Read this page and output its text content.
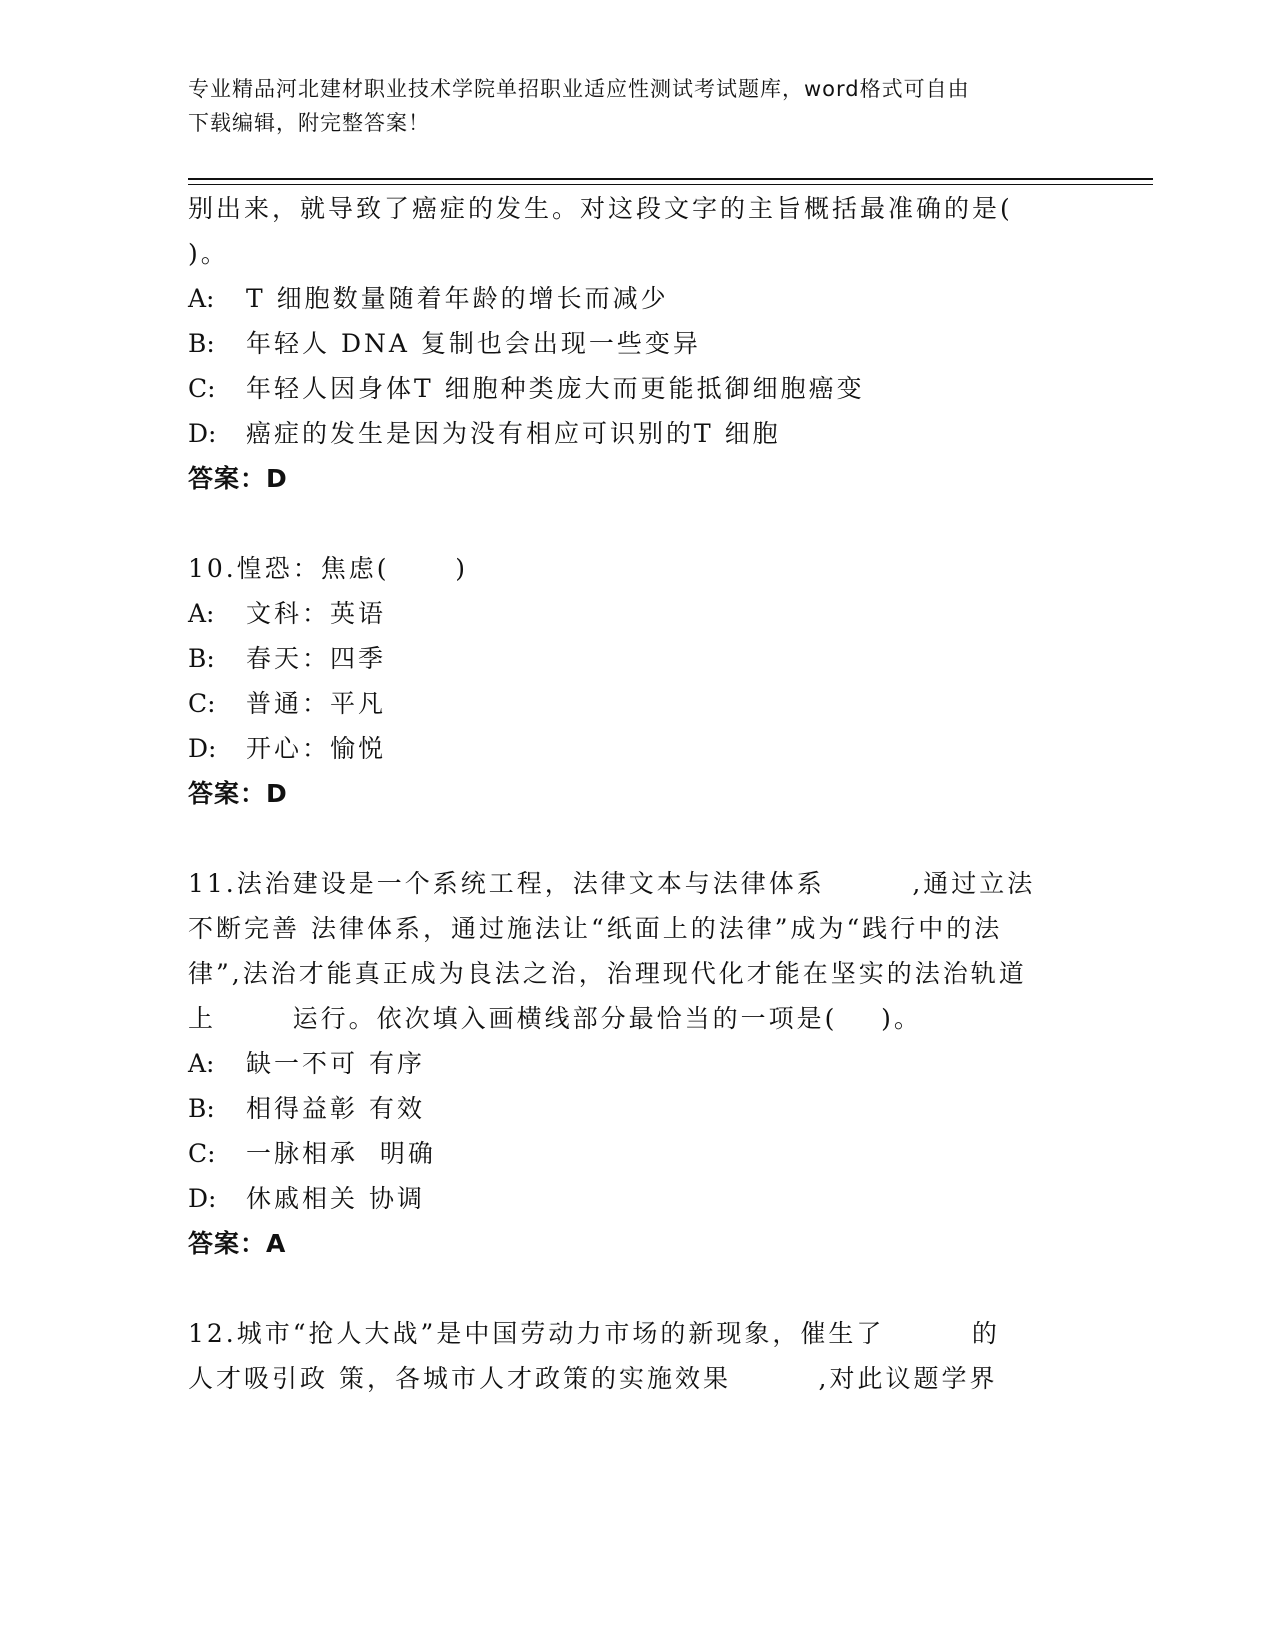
专业精品河北建材职业技术学院单招职业适应性测试考试题库，word格式可自由
下载编辑，附完整答案！
别出来，就导致了癌症的发生。对这段文字的主旨概括最准确的是(
)。
A: T 细胞数量随着年龄的增长而减少
B: 年轻人 DNA 复制也会出现一些变异
C: 年轻人因身体T 细胞种类庞大而更能抵御细胞癌变
D: 癌症的发生是因为没有相应可识别的T 细胞
答案：D
10.惶恐：焦虑(      )
A: 文科：英语
B: 春天：四季
C: 普通：平凡
D: 开心：愉悦
答案：D
11.法治建设是一个系统工程，法律文本与法律体系        ,通过立法
不断完善 法律体系，通过施法让“纸面上的法律”成为“践行中的法
律”,法治才能真正成为良法之治，治理现代化才能在坚实的法治轨道
上       运行。依次填入画横线部分最恰当的一项是(    )。
A: 缺一不可 有序
B: 相得益彰 有效
C: 一脉相承  明确
D: 休戚相关 协调
答案：A
12.城市“抢人大战”是中国劳动力市场的新现象，催生了        的
人才吸引政 策，各城市人才政策的实施效果        ,对此议题学界
